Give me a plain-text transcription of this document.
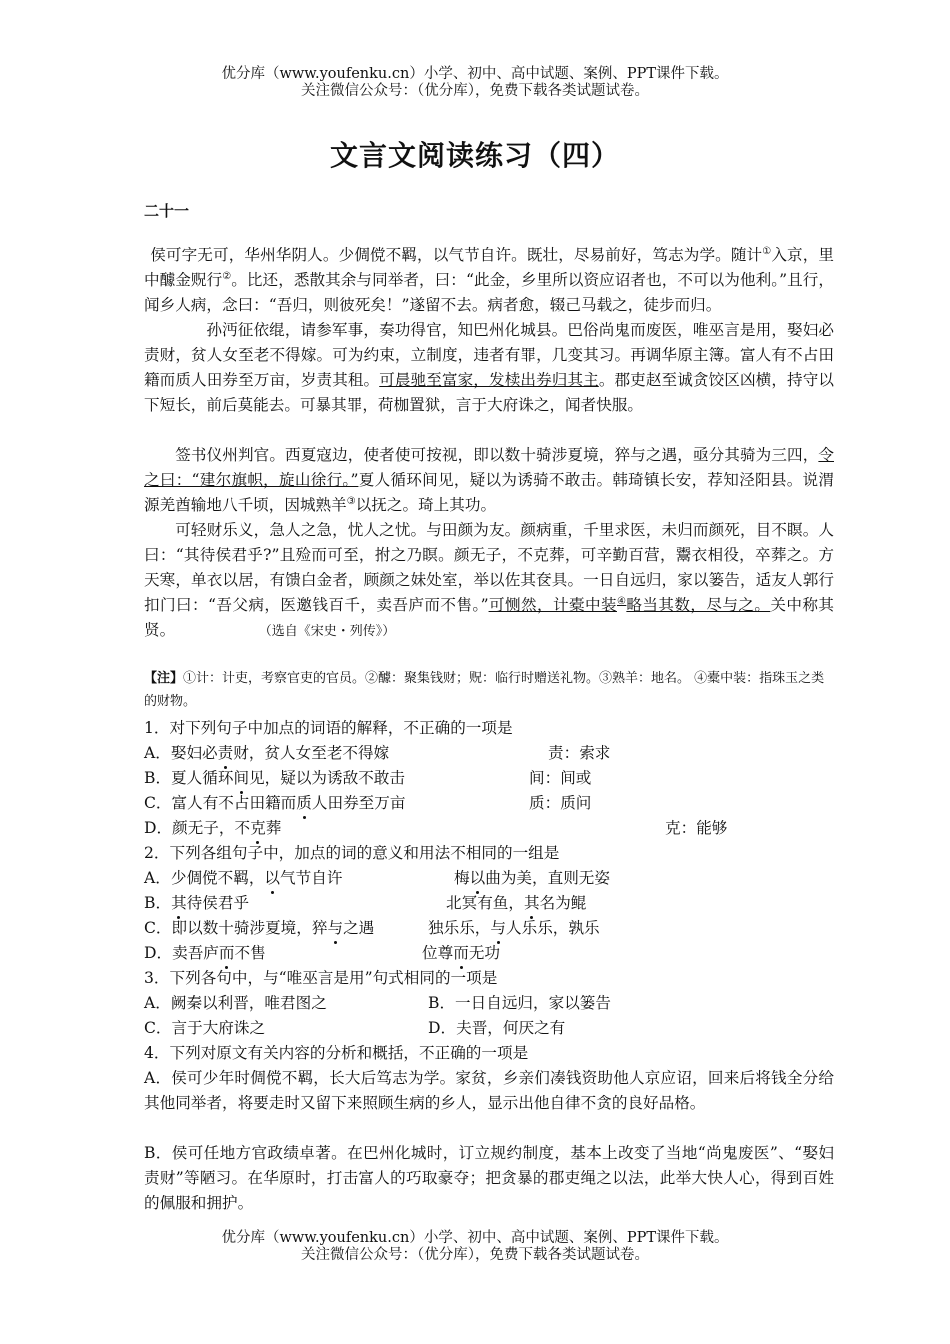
优分库（www.youfenku.cn）小学、初中、高中试题、案例、PPT课件下载。
关注微信公众号：（优分库），免费下载各类试题试卷。
文言文阅读练习（四）
二十一

侯可字无可，华州华阴人。少倜傥不羁，以气节自许。既壮，尽易前好，笃志为学。随计①入京，里中醵金贶行②。比还，悉散其余与同举者，曰：“此金，乡里所以资应诏者也，不可以为他利。”且行，闻乡人病，念曰：“吾归，则彼死矣！”遂留不去。病者愈，辍己马载之，徒步而归。

孙沔征依绲，请参军事，奏功得官，知巴州化城县。巴俗尚鬼而废医，唯巫言是用，娶妇必责财，贫人女至老不得嫁。可为约束，立制度，违者有罪，几变其习。再调华原主簿。富人有不占田籍而质人田券至万亩，岁责其租。可晨驰至富家，发椟出券归其主。郡吏赵至诚贪饺区凶横，持守以下短长，前后莫能去。可暴其罪，荷枷置狱，言于大府诛之，闻者快服。

签书仪州判官。西夏寇边，使者使可按视，即以数十骑涉夏境，猝与之遇，亟分其骑为三四，令之曰：“建尔旗帜，旋山徐行。”夏人循环间见，疑以为诱骑不敢击。韩琦镇长安，荐知泾阳县。说渭源羌酋输地八千顷，因城熟羊③以抚之。琦上其功。

可轻财乐义，急人之急，忧人之忧。与田颜为友。颜病重，千里求医，未归而颜死，目不瞑。人曰：“其待侯君乎?”且殓而可至，拊之乃瞑。颜无子，不克葬，可辛勤百营，鬻衣相役，卒葬之。方天寒，单衣以居，有馈白金者，顾颜之妹处室，举以佐其奁具。一日自远归，家以篓告，适友人郭行扣门曰：“吾父病，医邀钱百千，卖吾庐而不售。”可恻然，计橐中装④略当其数，尽与之。关中称其贤。	（选自《宋史・列传》）

【注】①计：计吏，考察官吏的官员。②醵：聚集钱财；贶：临行时赠送礼物。③熟羊：地名。 ④橐中装：指珠玉之类的财物。
1．对下列句子中加点的词语的解释，不正确的一项是
A．娶妇必责财，贫人女至老不得嫁	责：索求
B．夏人循环间见，疑以为诱敌不敢击	间：间或
C．富人有不占田籍而质人田券至万亩	质：质问
D．颜无子，不克葬	克：能够
2．下列各组句子中，加点的词的意义和用法不相同的一组是
A．少倜傥不羁，以气节自许	梅以曲为美，直则无姿
B．其待侯君乎	北冥有鱼，其名为鲲
C．即以数十骑涉夏境，猝与之遇	独乐乐，与人乐乐，孰乐
D．卖吾庐而不售	位尊而无功
3．下列各句中，与“唯巫言是用”句式相同的一项是
A．阙秦以利晋，唯君图之	B．一日自远归，家以篓告
C．言于大府诛之	D．夫晋，何厌之有
4．下列对原文有关内容的分析和概括，不正确的一项是

A．侯可少年时倜傥不羁，长大后笃志为学。家贫，乡亲们凑钱资助他人京应诏，回来后将钱全分给其他同举者，将要走时又留下来照顾生病的乡人，显示出他自律不贪的良好品格。

B．侯可任地方官政绩卓著。在巴州化城时，订立规约制度，基本上改变了当地“尚鬼废医”、“娶妇责财”等陋习。在华原时，打击富人的巧取豪夺；把贪暴的郡吏绳之以法，此举大快人心，得到百姓的佩服和拥护。

优分库（www.youfenku.cn）小学、初中、高中试题、案例、PPT课件下载。
关注微信公众号：（优分库），免费下载各类试题试卷。
